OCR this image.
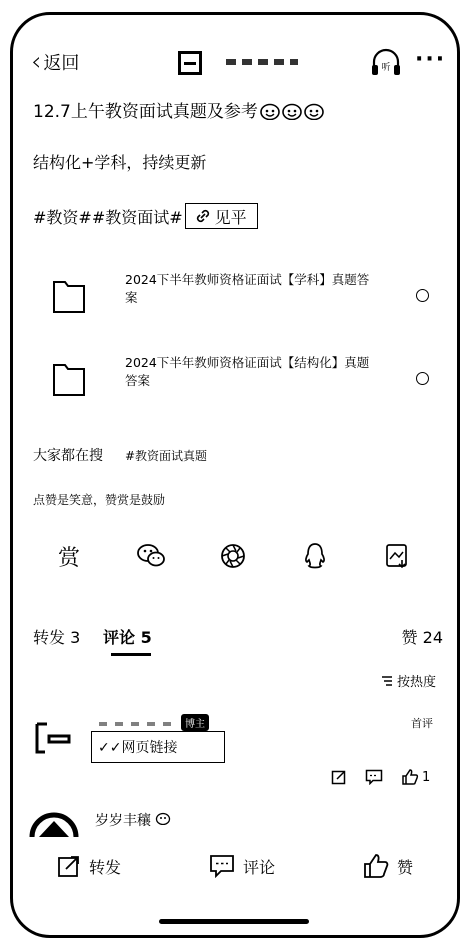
‹ 返回	听 ···
12.7上午教资面试真题及参考
结构化+学科，持续更新
#教资##教资面试# 见平
2024下半年教师资格证面试【学科】真题答案
2024下半年教师资格证面试【结构化】真题答案
大家都在搜 #教资面试真题
点赞是笑意，赞赏是鼓励
赏
转发 3 评论 5	赞 24
按热度
博主	首评
✓✓网页链接
1
岁岁丰穰
转发	评论	赞
